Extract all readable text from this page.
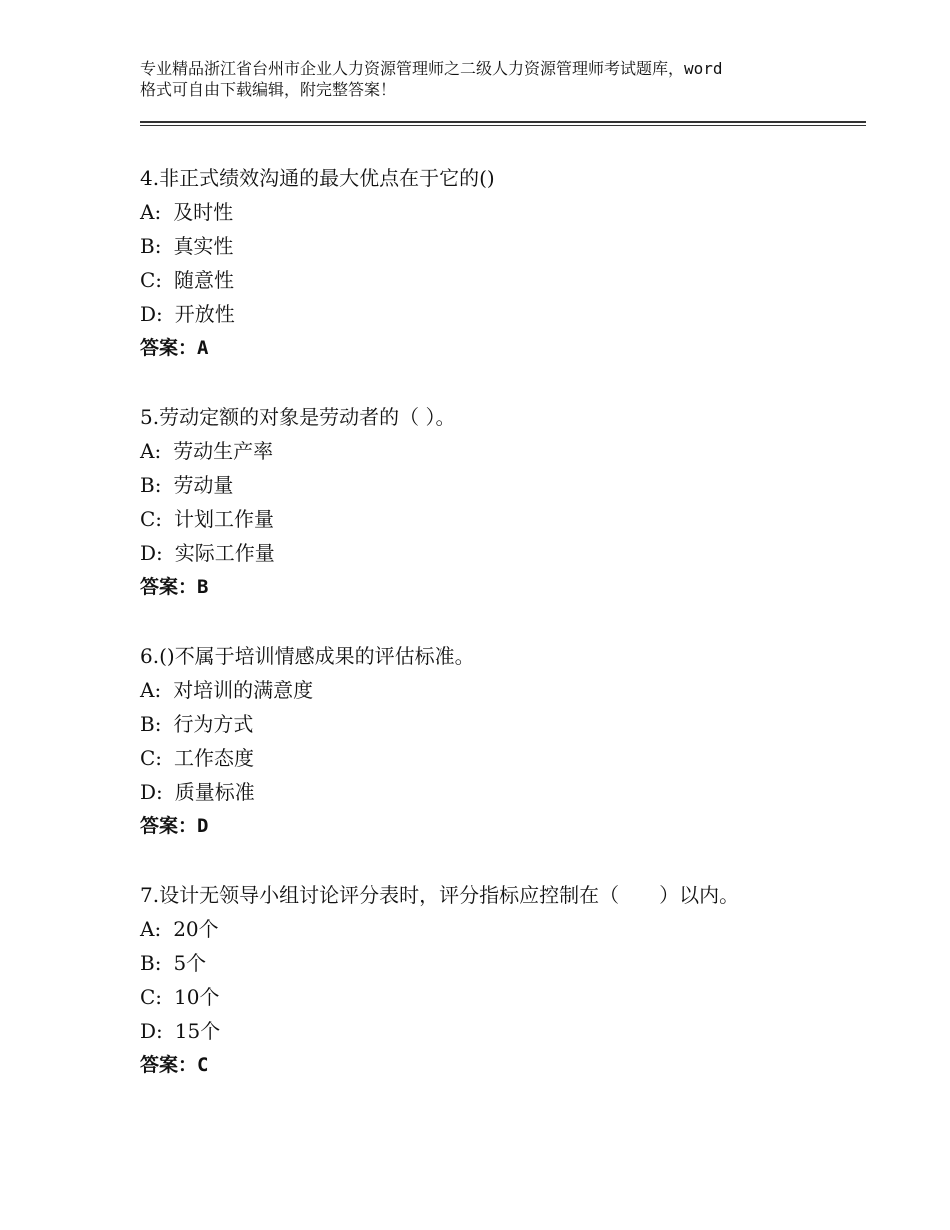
专业精品浙江省台州市企业人力资源管理师之二级人力资源管理师考试题库，word
格式可自由下载编辑，附完整答案！
4.非正式绩效沟通的最大优点在于它的()
A: 及时性
B: 真实性
C: 随意性
D: 开放性
答案：A
5.劳动定额的对象是劳动者的（ ）。
A: 劳动生产率
B: 劳动量
C: 计划工作量
D: 实际工作量
答案：B
6.()不属于培训情感成果的评估标准。
A: 对培训的满意度
B: 行为方式
C: 工作态度
D: 质量标准
答案：D
7.设计无领导小组讨论评分表时，评分指标应控制在（　　）以内。
A: 20个
B: 5个
C: 10个
D: 15个
答案：C
